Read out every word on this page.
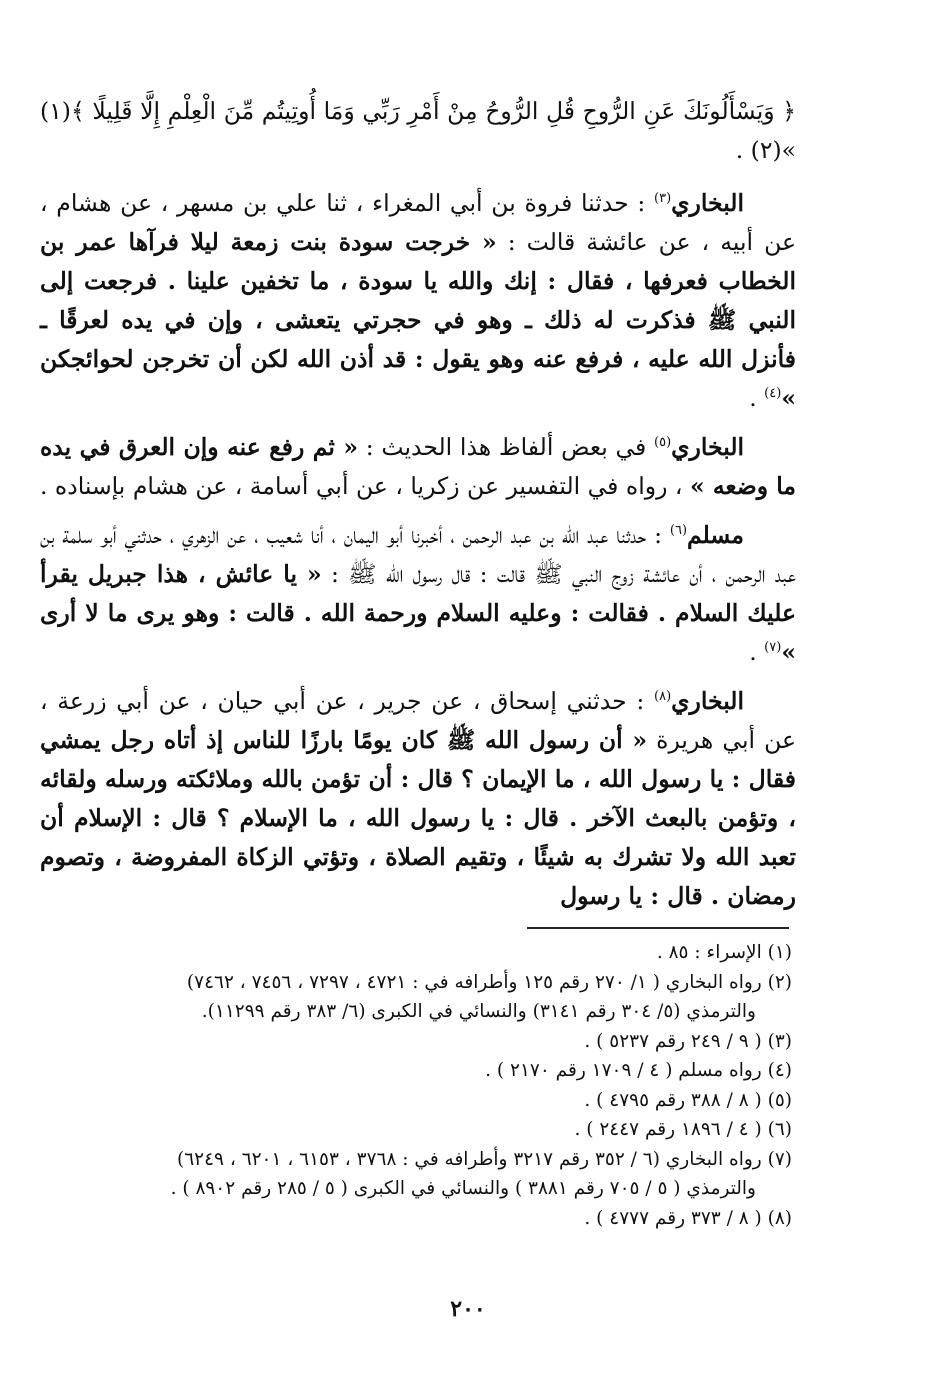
﴿ وَيَسْأَلُونَكَ عَنِ الرُّوحِ قُلِ الرُّوحُ مِنْ أَمْرِ رَبِّي وَمَا أُوتِيتُم مِّنَ الْعِلْمِ إِلَّا قَلِيلًا ﴾(١) »(٢) .

البخاري$^{(٣)}$ : حدثنا فروة بن أبي المغراء ، ثنا علي بن مسهر ، عن هشام ، عن أبيه ، عن عائشة قالت : « خرجت سودة بنت زمعة ليلا فرآها عمر بن الخطاب فعرفها ، فقال : إنك والله يا سودة ، ما تخفين علينا . فرجعت إلى النبي ﷺ فذكرت له ذلك ـ وهو في حجرتي يتعشى ، وإن في يده لعرقًا ـ فأنزل الله عليه ، فرفع عنه وهو يقول : قد أذن الله لكن أن تخرجن لحوائجكن »$^{(٤)}$ .

البخاري$^{(٥)}$ في بعض ألفاظ هذا الحديث : « ثم رفع عنه وإن العرق في يده ما وضعه » ، رواه في التفسير عن زكريا ، عن أبي أسامة ، عن هشام بإسناده .

مسلم$^{(٦)}$ : حدثنا عبد الله بن عبد الرحمن ، أخبرنا أبو اليمان ، أنا شعيب ، عن الزهري ، حدثني أبو سلمة بن عبد الرحمن ، أن عائشة زوج النبي ﷺ قالت : قال رسول الله ﷺ : « يا عائش ، هذا جبريل يقرأ عليك السلام . فقالت : وعليه السلام ورحمة الله . قالت : وهو يرى ما لا أرى »$^{(٧)}$ .

البخاري$^{(٨)}$ : حدثني إسحاق ، عن جرير ، عن أبي حيان ، عن أبي زرعة ، عن أبي هريرة « أن رسول الله ﷺ كان يومًا بارزًا للناس إذ أتاه رجل يمشي فقال : يا رسول الله ، ما الإيمان ؟ قال : أن تؤمن بالله وملائكته ورسله ولقائه ، وتؤمن بالبعث الآخر . قال : يا رسول الله ، ما الإسلام ؟ قال : الإسلام أن تعبد الله ولا تشرك به شيئًا ، وتقيم الصلاة ، وتؤتي الزكاة المفروضة ، وتصوم رمضان . قال : يا رسول

(١) الإسراء : ٨٥ .

(٢) رواه البخاري ( ١/ ٢٧٠ رقم ١٢٥ وأطرافه في : ٤٧٢١ ، ٧٢٩٧ ، ٧٤٥٦ ، ٧٤٦٢)

والترمذي (٥/ ٣٠٤ رقم ٣١٤١) والنسائي في الكبرى (٦/ ٣٨٣ رقم ١١٢٩٩).

(٣) ( ٩ / ٢٤٩ رقم ٥٢٣٧ ) .

(٤) رواه مسلم ( ٤ / ١٧٠٩ رقم ٢١٧٠ ) .

(٥) ( ٨ / ٣٨٨ رقم ٤٧٩٥ ) .

(٦) ( ٤ / ١٨٩٦ رقم ٢٤٤٧ ) .

(٧) رواه البخاري (٦ / ٣٥٢ رقم ٣٢١٧ وأطرافه في : ٣٧٦٨ ، ٦١٥٣ ، ٦٢٠١ ، ٦٢٤٩)

والترمذي ( ٥ / ٧٠٥ رقم ٣٨٨١ ) والنسائي في الكبرى ( ٥ / ٢٨٥ رقم ٨٩٠٢ ) .

(٨) ( ٨ / ٣٧٣ رقم ٤٧٧٧ ) .

٢٠٠
